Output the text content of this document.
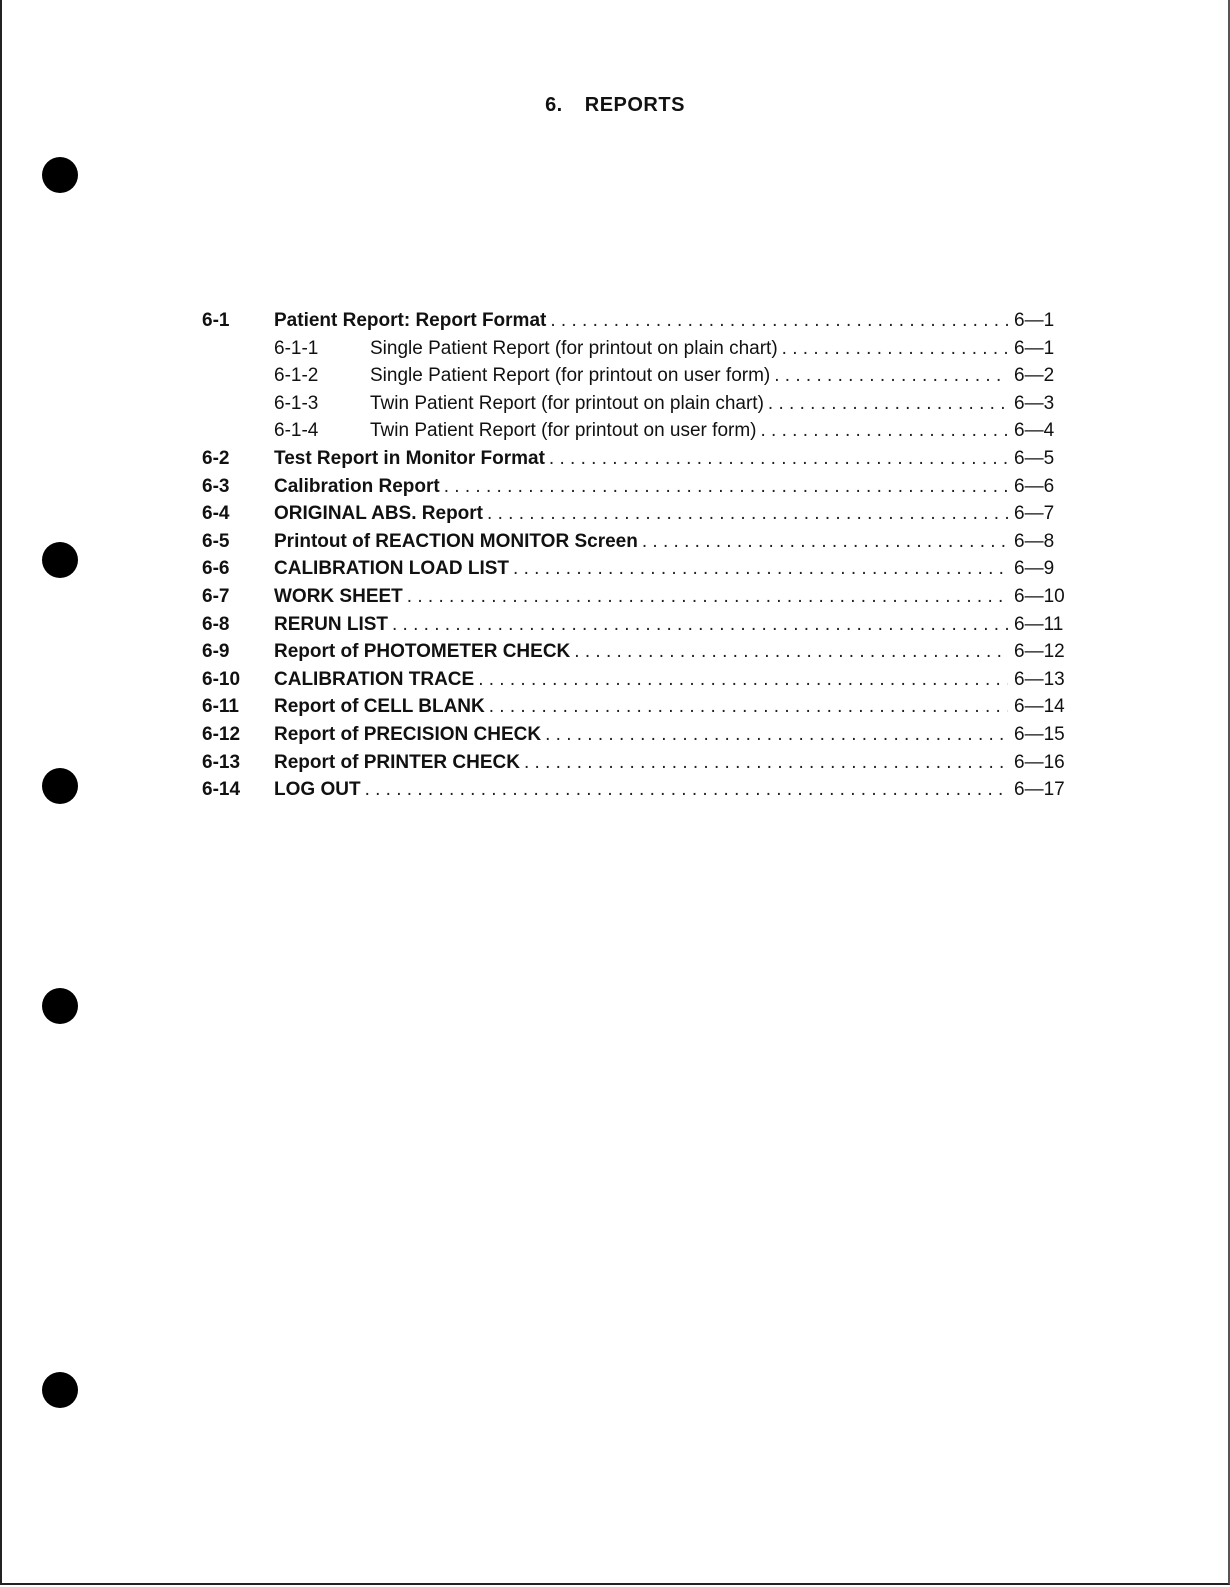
6. REPORTS
6-1	Patient Report: Report Format . . .	6—1
6-1-1	Single Patient Report (for printout on plain chart) . . .	6—1
6-1-2	Single Patient Report (for printout on user form) . . .	6—2
6-1-3	Twin Patient Report (for printout on plain chart) . . .	6—3
6-1-4	Twin Patient Report (for printout on user form) . . .	6—4
6-2	Test Report in Monitor Format . . .	6—5
6-3	Calibration Report . . .	6—6
6-4	ORIGINAL ABS. Report . . .	6—7
6-5	Printout of REACTION MONITOR Screen . . .	6—8
6-6	CALIBRATION LOAD LIST . . .	6—9
6-7	WORK SHEET . . .	6—10
6-8	RERUN LIST . . .	6—11
6-9	Report of PHOTOMETER CHECK . . .	6—12
6-10	CALIBRATION TRACE . . .	6—13
6-11	Report of CELL BLANK . . .	6—14
6-12	Report of PRECISION CHECK . . .	6—15
6-13	Report of PRINTER CHECK . . .	6—16
6-14	LOG OUT . . .	6—17
